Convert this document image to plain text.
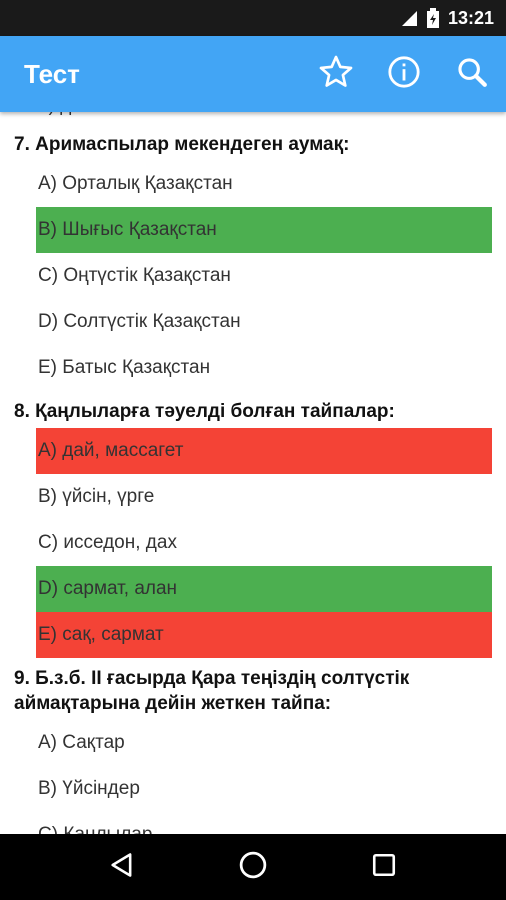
13:21
Тест
7. Аримаспылар мекендеген аумақ:
A) Орталық Қазақстан
B) Шығыс Қазақстан
C) Оңтүстік Қазақстан
D) Солтүстік Қазақстан
E) Батыс Қазақстан
8. Қаңлыларға тәуелді болған тайпалар:
A) дай, массагет
B) үйсін, үрге
C) исседон, дах
D) сармат, алан
E) сақ, сармат
9. Б.з.б. II ғасырда Қара теңіздің солтүстік аймақтарына дейін жеткен тайпа:
A) Сақтар
B) Үйсіндер
